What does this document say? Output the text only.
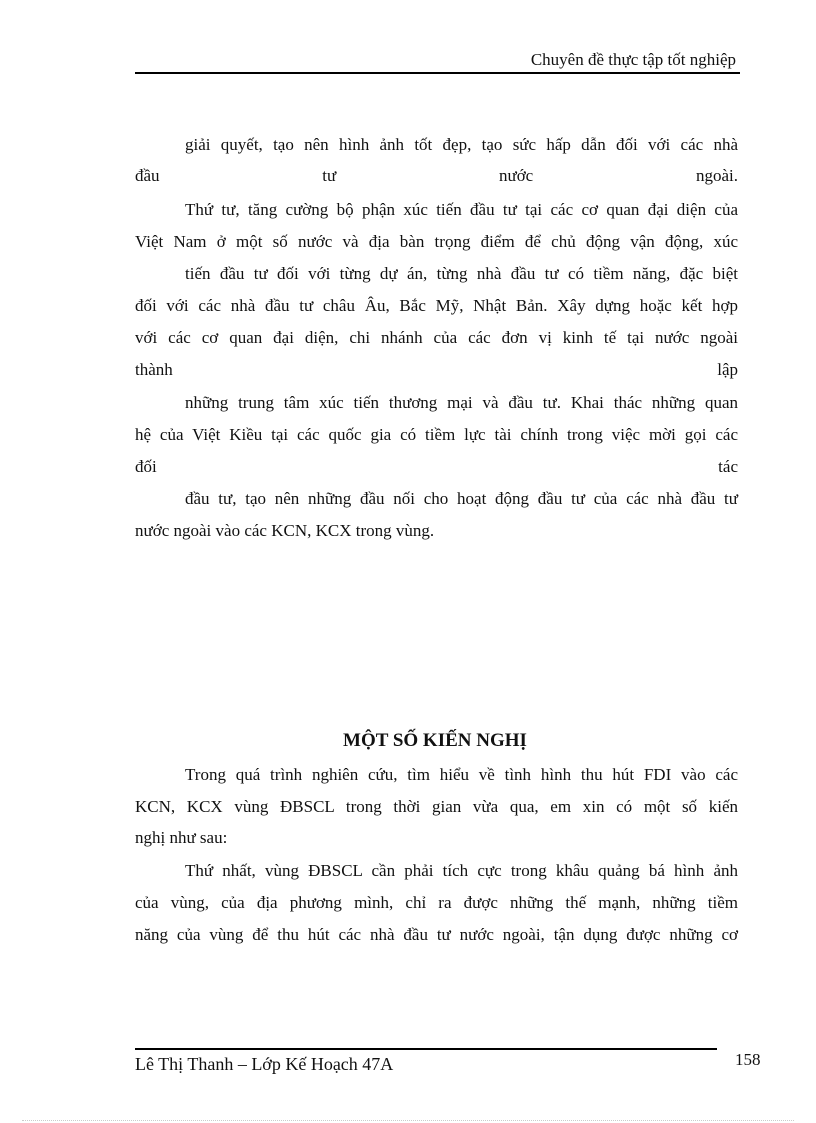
Chuyên đề thực tập tốt nghiệp
giải quyết, tạo nên hình ảnh tốt đẹp, tạo sức hấp dẫn đối với các nhà
đầu tư nước ngoài.
Thứ tư, tăng cường bộ phận xúc tiến đầu tư tại các cơ quan đại diện của
Việt Nam ở một số nước và địa bàn trọng điểm để chủ động vận động, xúc
tiến đầu tư đối với từng dự án, từng nhà đầu tư có tiềm năng, đặc biệt
đối với các nhà đầu tư châu Âu, Bắc Mỹ, Nhật Bản. Xây dựng hoặc kết hợp
với các cơ quan đại diện, chi nhánh của các đơn vị kinh tế tại nước ngoài
thành lập
những trung tâm xúc tiến thương mại và đầu tư. Khai thác những quan
hệ của Việt Kiều tại các quốc gia có tiềm lực tài chính trong việc mời gọi các
đối tác
đầu tư, tạo nên những đầu nối cho hoạt động đầu tư của các nhà đầu tư
nước ngoài vào các KCN, KCX trong vùng.
MỘT SỐ KIẾN NGHỊ
Trong quá trình nghiên cứu, tìm hiểu về tình hình thu hút FDI vào các
KCN, KCX vùng ĐBSCL trong thời gian vừa qua, em xin có một số kiến
nghị như sau:
Thứ nhất, vùng ĐBSCL cần phải tích cực trong khâu quảng bá hình ảnh
của vùng, của địa phương mình, chỉ ra được những thế mạnh, những tiềm
năng của vùng để thu hút các nhà đầu tư nước ngoài, tận dụng được những cơ
Lê Thị Thanh – Lớp Kế Hoạch 47A	158
